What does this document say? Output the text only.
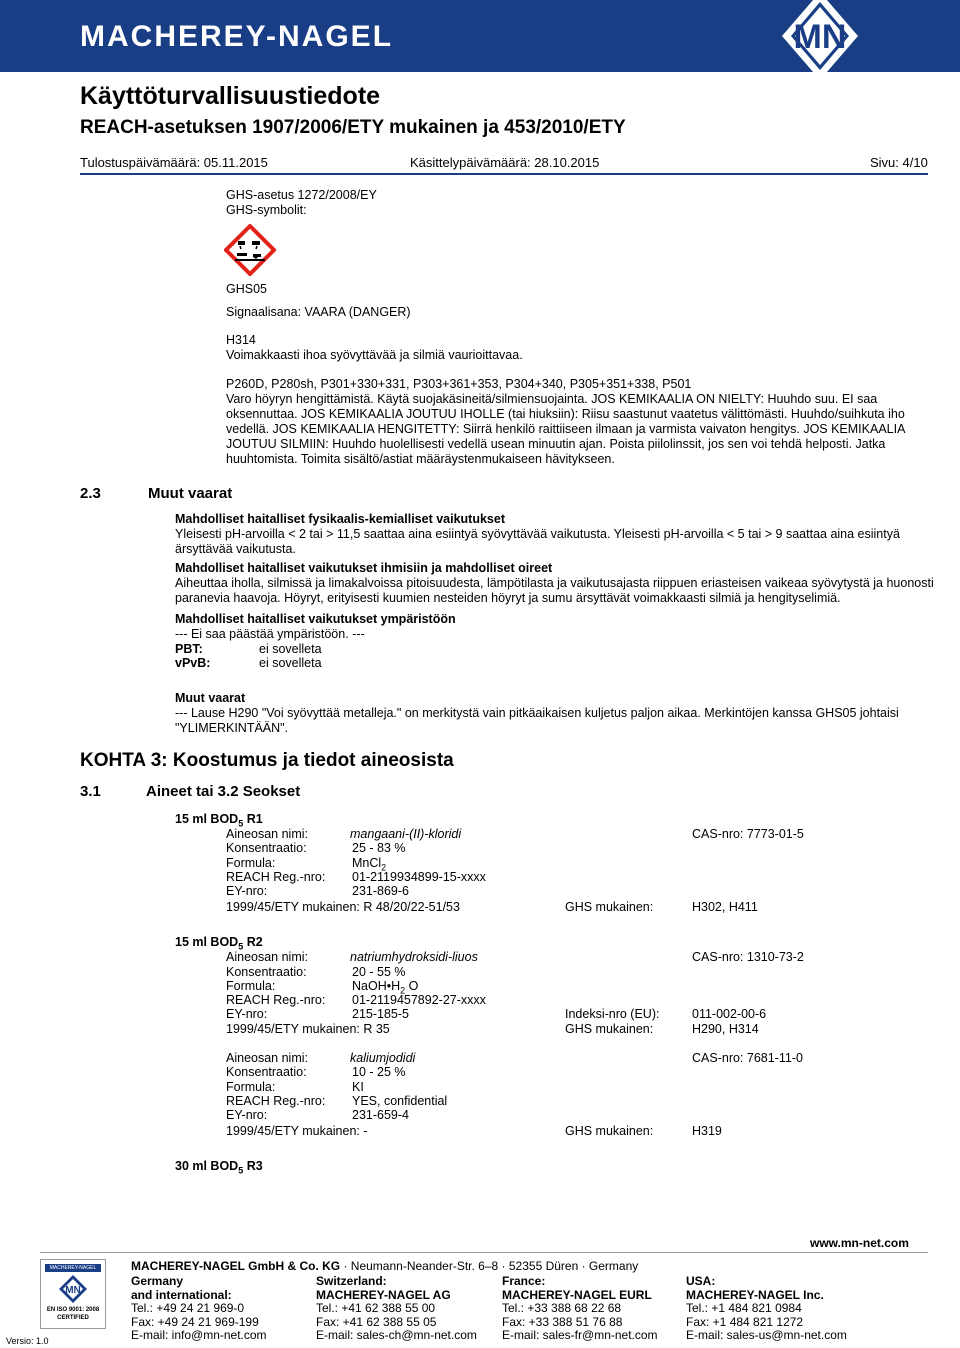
MACHEREY-NAGEL	MN
Käyttöturvallisuustiedote
REACH-asetuksen 1907/2006/ETY mukainen ja 453/2010/ETY
Tulostuspäivämäärä: 05.11.2015	Käsittelypäivämäärä: 28.10.2015	Sivu: 4/10
GHS-asetus 1272/2008/EY
GHS-symbolit:
GHS05
Signaalisana: VAARA (DANGER)
H314
Voimakkaasti ihoa syövyttävää ja silmiä vaurioittavaa.
P260D, P280sh, P301+330+331, P303+361+353, P304+340, P305+351+338, P501
Varo höyryn hengittämistä. Käytä suojakäsineitä/silmiensuojainta. JOS KEMIKAALIA ON NIELTY: Huuhdo suu. EI saa oksennuttaa. JOS KEMIKAALIA JOUTUU IHOLLE (tai hiuksiin): Riisu saastunut vaatetus välittömästi. Huuhdo/suihkuta iho vedellä. JOS KEMIKAALIA HENGITETTY: Siirrä henkilö raittiiseen ilmaan ja varmista vaivaton hengitys. JOS KEMIKAALIA JOUTUU SILMIIN: Huuhdo huolellisesti vedellä usean minuutin ajan. Poista piilolinssit, jos sen voi tehdä helposti. Jatka huuhtomista. Toimita sisältö/astiat määräystenmukaiseen hävitykseen.
2.3	Muut vaarat
Mahdolliset haitalliset fysikaalis-kemialliset vaikutukset
Yleisesti pH-arvoilla < 2 tai > 11,5 saattaa aina esiintyä syövyttävää vaikutusta. Yleisesti pH-arvoilla < 5 tai > 9 saattaa aina esiintyä ärsyttävää vaikutusta.
Mahdolliset haitalliset vaikutukset ihmisiin ja mahdolliset oireet
Aiheuttaa iholla, silmissä ja limakalvoissa pitoisuudesta, lämpötilasta ja vaikutusajasta riippuen eriasteisen vaikeaa syövytystä ja huonosti paranevia haavoja. Höyryt, erityisesti kuumien nesteiden höyryt ja sumu ärsyttävät voimakkaasti silmiä ja hengityselimiä.
Mahdolliset haitalliset vaikutukset ympäristöön
--- Ei saa päästää ympäristöön. ---
PBT:	ei sovelleta
vPvB:	ei sovelleta
Muut vaarat
--- Lause H290 "Voi syövyttää metalleja." on merkitystä vain pitkäaikaisen kuljetus paljon aikaa. Merkintöjen kanssa GHS05 johtaisi "YLIMERKINTÄÄN".
KOHTA 3: Koostumus ja tiedot aineosista
3.1	Aineet tai 3.2 Seokset
15 ml $BOD_5$ R1
Aineosan nimi:	mangaani-(II)-kloridi	CAS-nro: 7773-01-5
Konsentraatio:	25 - 83 %
Formula:	MnCl$_2$
REACH Reg.-nro: 01-2119934899-15-xxxx
EY-nro:	231-869-6
1999/45/ETY mukainen: R 48/20/22-51/53	GHS mukainen:	H302, H411
15 ml $BOD_5$ R2
Aineosan nimi:	natriumhydroksidi-liuos	CAS-nro: 1310-73-2
Konsentraatio:	20 - 55 %
Formula:	$NaOH•H_2$ O
REACH Reg.-nro: 01-2119457892-27-xxxx
EY-nro:	215-185-5	Indeksi-nro (EU):	011-002-00-6
1999/45/ETY mukainen: R 35	GHS mukainen:	H290, H314
Aineosan nimi:	kaliumjodidi	CAS-nro: 7681-11-0
Konsentraatio:	10 - 25 %
Formula:	KI
REACH Reg.-nro: YES, confidential
EY-nro:	231-659-4
1999/45/ETY mukainen: -	GHS mukainen:	H319
30 ml $BOD_5$ R3
www.mn-net.com
MACHEREY-NAGEL
MN
EN ISO 9001: 2008
CERTIFIED
Versio: 1.0
MACHEREY-NAGEL GmbH & Co. KG · Neumann-Neander-Str. 6–8 · 52355 Düren · Germany
Germany
and international:
Tel.: +49 24 21 969-0
Fax: +49 24 21 969-199
E-mail: info@mn-net.com
Switzerland:
MACHEREY-NAGEL AG
Tel.: +41 62 388 55 00
Fax: +41 62 388 55 05
E-mail: sales-ch@mn-net.com
France:
MACHEREY-NAGEL EURL
Tel.: +33 388 68 22 68
Fax: +33 388 51 76 88
E-mail: sales-fr@mn-net.com
USA:
MACHEREY-NAGEL Inc.
Tel.: +1 484 821 0984
Fax: +1 484 821 1272
E-mail: sales-us@mn-net.com
